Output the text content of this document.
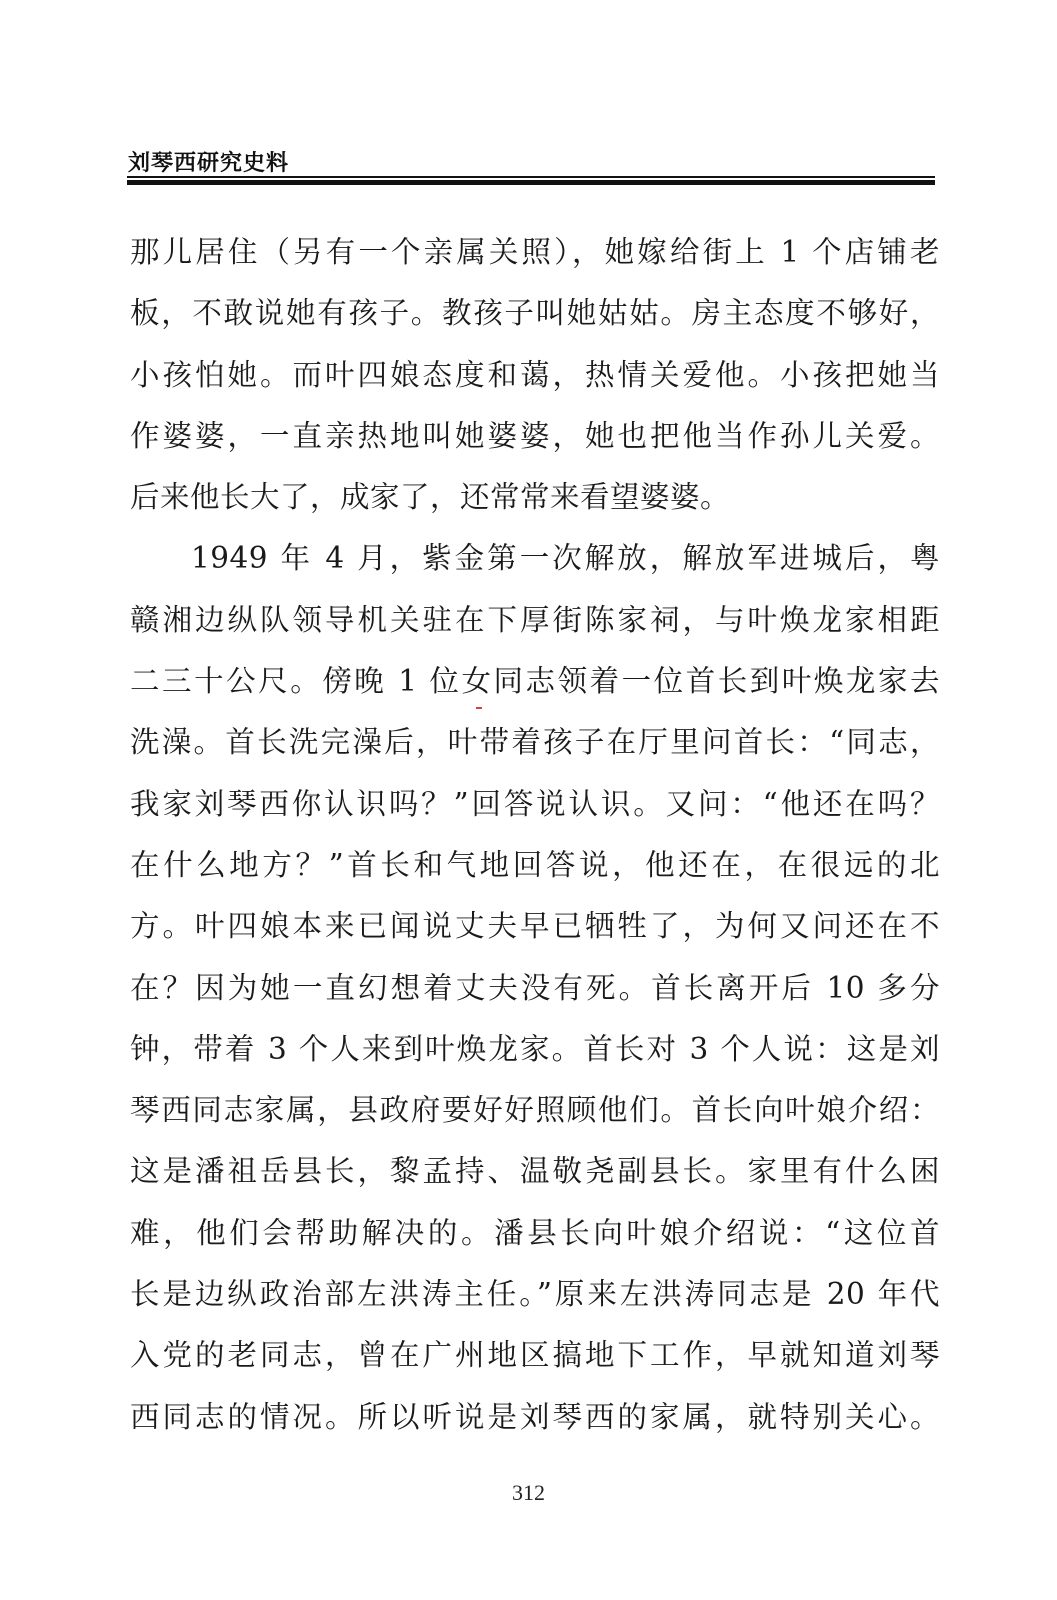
刘琴西研究史料
那儿居住（另有一个亲属关照），她嫁给街上 1 个店铺老
板，不敢说她有孩子。教孩子叫她姑姑。房主态度不够好，
小孩怕她。而叶四娘态度和蔼，热情关爱他。小孩把她当
作婆婆，一直亲热地叫她婆婆，她也把他当作孙儿关爱。
后来他长大了，成家了，还常常来看望婆婆。
1949 年 4 月，紫金第一次解放，解放军进城后，粤
赣湘边纵队领导机关驻在下厚街陈家祠，与叶焕龙家相距
二三十公尺。傍晚 1 位女同志领着一位首长到叶焕龙家去
洗澡。首长洗完澡后，叶带着孩子在厅里问首长：“同志，
我家刘琴西你认识吗？”回答说认识。又问：“他还在吗？
在什么地方？”首长和气地回答说，他还在，在很远的北
方。叶四娘本来已闻说丈夫早已牺牲了，为何又问还在不
在？因为她一直幻想着丈夫没有死。首长离开后 10 多分
钟，带着 3 个人来到叶焕龙家。首长对 3 个人说：这是刘
琴西同志家属，县政府要好好照顾他们。首长向叶娘介绍：
这是潘祖岳县长，黎孟持、温敬尧副县长。家里有什么困
难，他们会帮助解决的。潘县长向叶娘介绍说：“这位首
长是边纵政治部左洪涛主任。”原来左洪涛同志是 20 年代
入党的老同志，曾在广州地区搞地下工作，早就知道刘琴
西同志的情况。所以听说是刘琴西的家属，就特别关心。
312
